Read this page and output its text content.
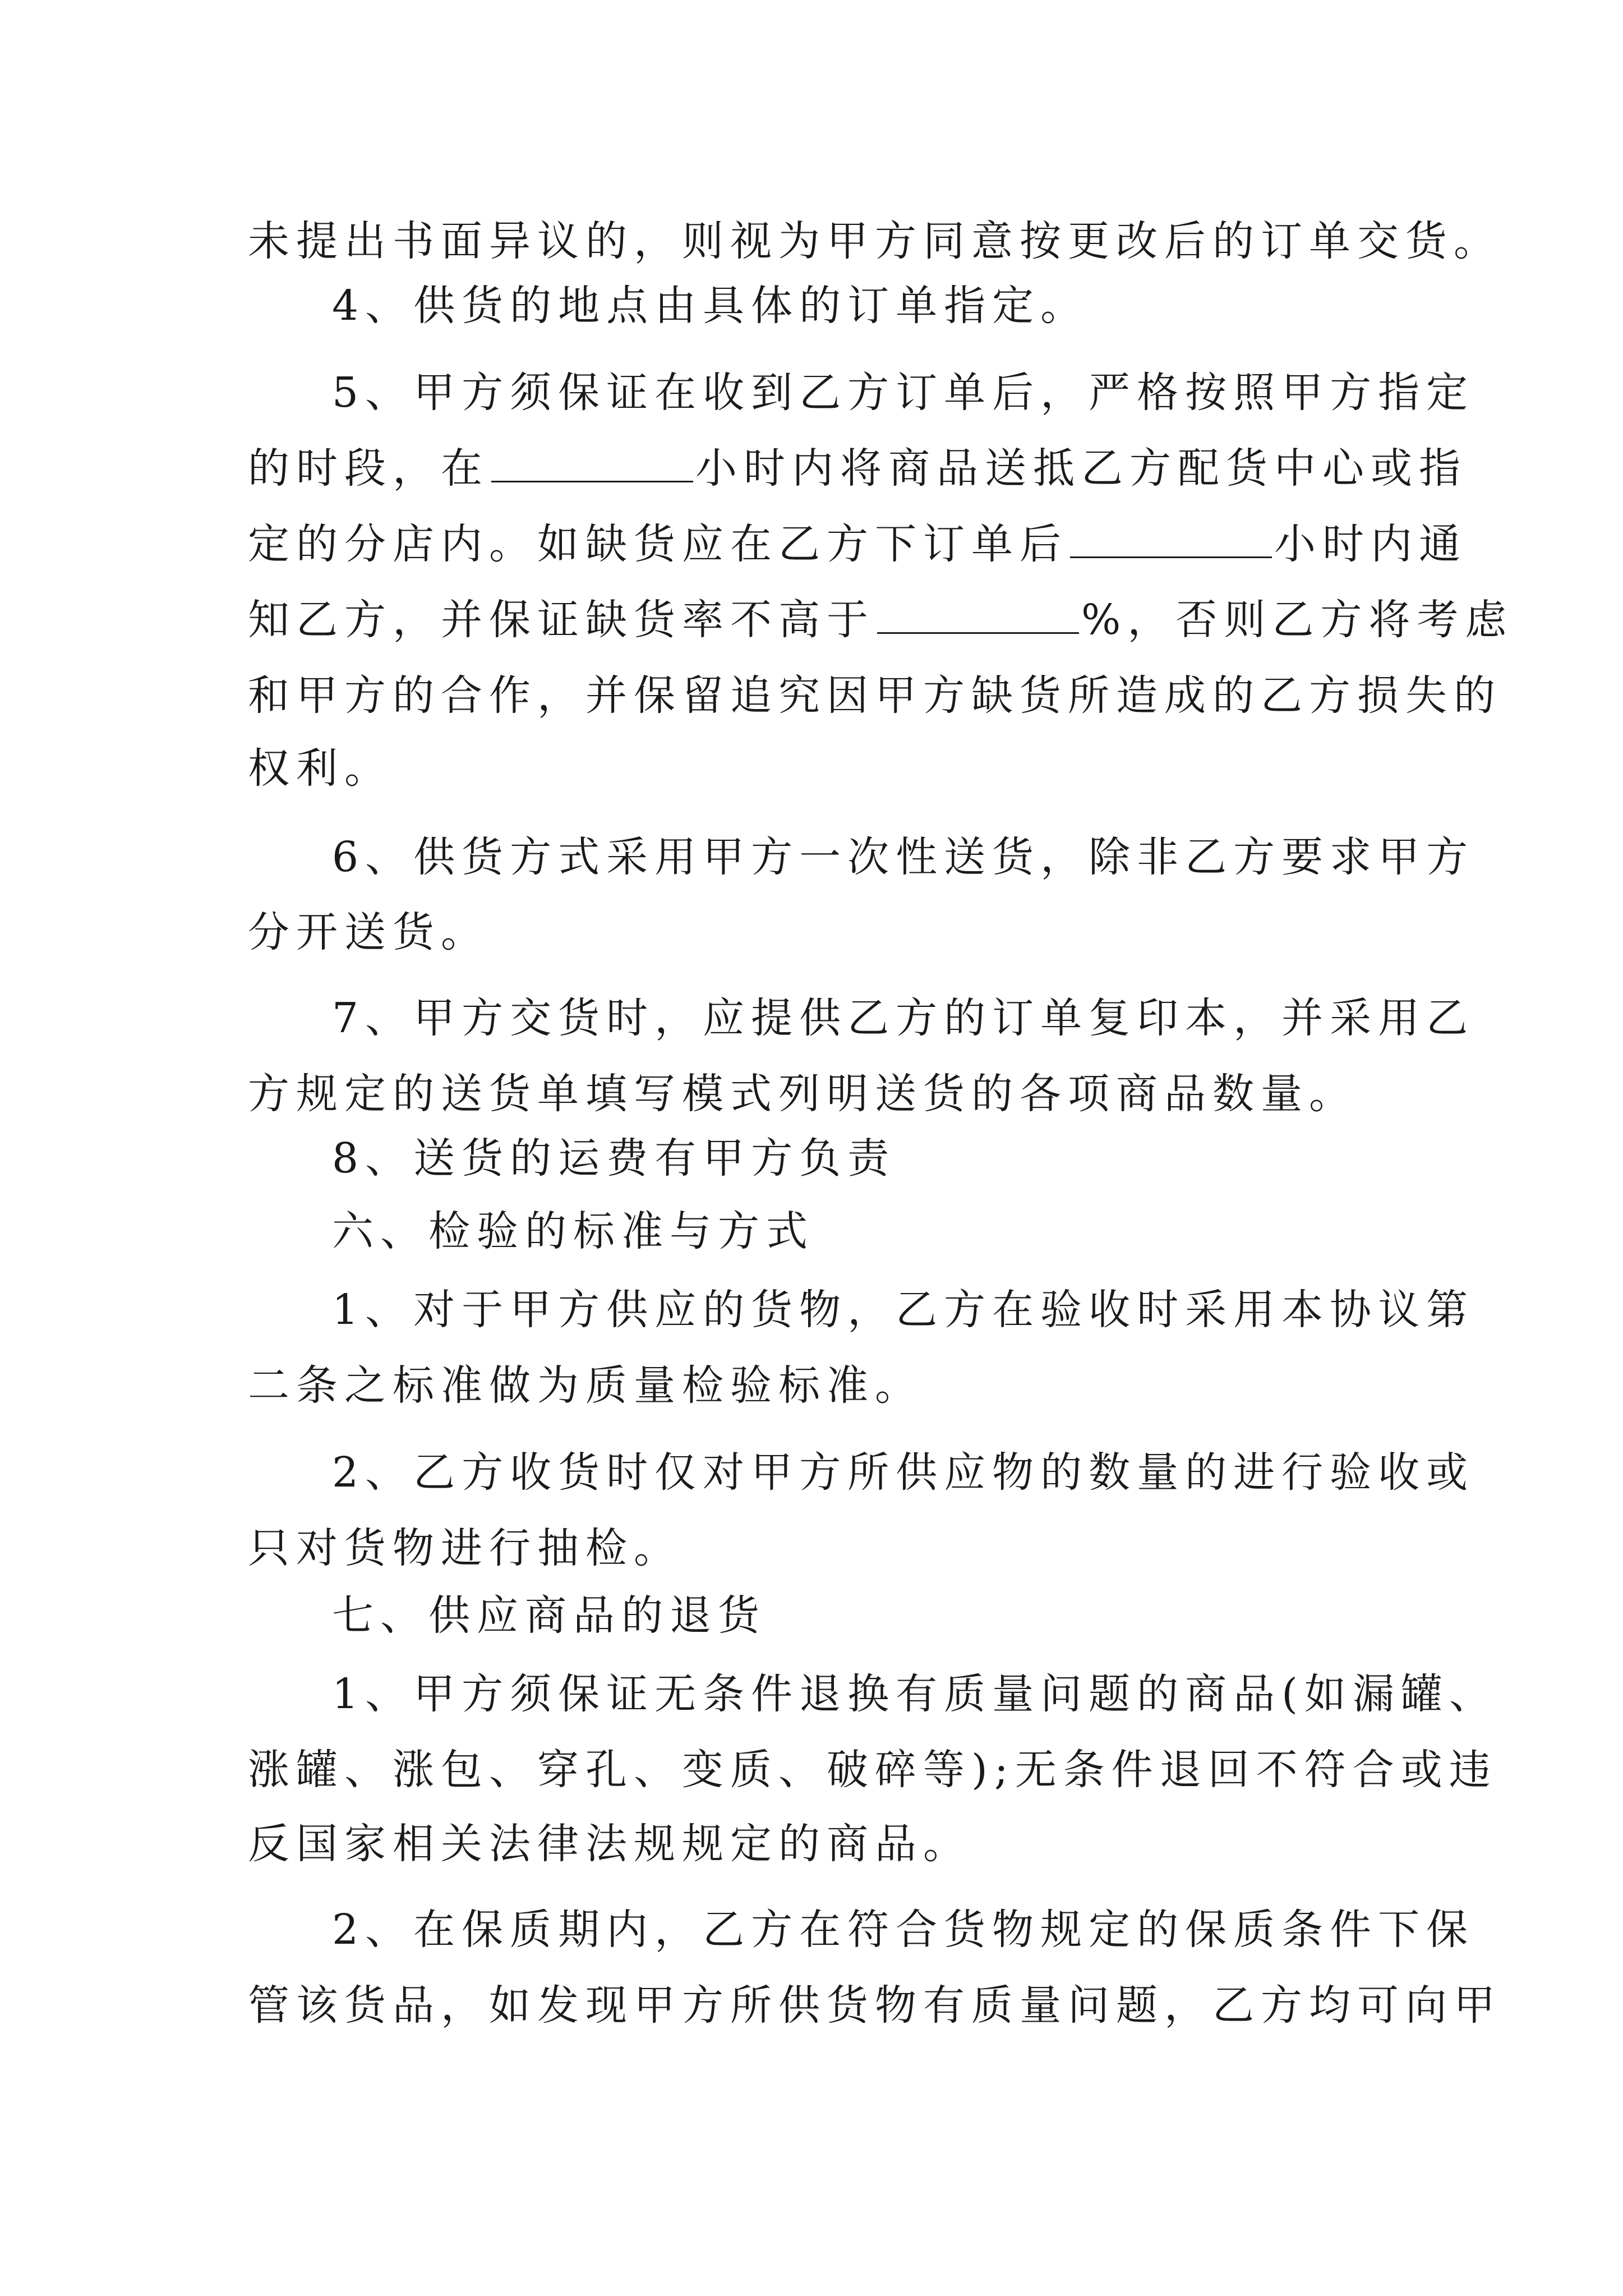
未提出书面异议的，则视为甲方同意按更改后的订单交货。
4、供货的地点由具体的订单指定。
5、甲方须保证在收到乙方订单后，严格按照甲方指定
的时段，在	小时内将商品送抵乙方配货中心或指
定的分店内。如缺货应在乙方下订单后	小时内通
知乙方，并保证缺货率不高于	%，否则乙方将考虑
和甲方的合作，并保留追究因甲方缺货所造成的乙方损失的
权利。
6、供货方式采用甲方一次性送货，除非乙方要求甲方
分开送货。
7、甲方交货时，应提供乙方的订单复印本，并采用乙
方规定的送货单填写模式列明送货的各项商品数量。
8、送货的运费有甲方负责
六、检验的标准与方式
1、对于甲方供应的货物，乙方在验收时采用本协议第
二条之标准做为质量检验标准。
2、乙方收货时仅对甲方所供应物的数量的进行验收或
只对货物进行抽检。
七、供应商品的退货
1、甲方须保证无条件退换有质量问题的商品(如漏罐、
涨罐、涨包、穿孔、变质、破碎等);无条件退回不符合或违
反国家相关法律法规规定的商品。
2、在保质期内，乙方在符合货物规定的保质条件下保
管该货品，如发现甲方所供货物有质量问题，乙方均可向甲
